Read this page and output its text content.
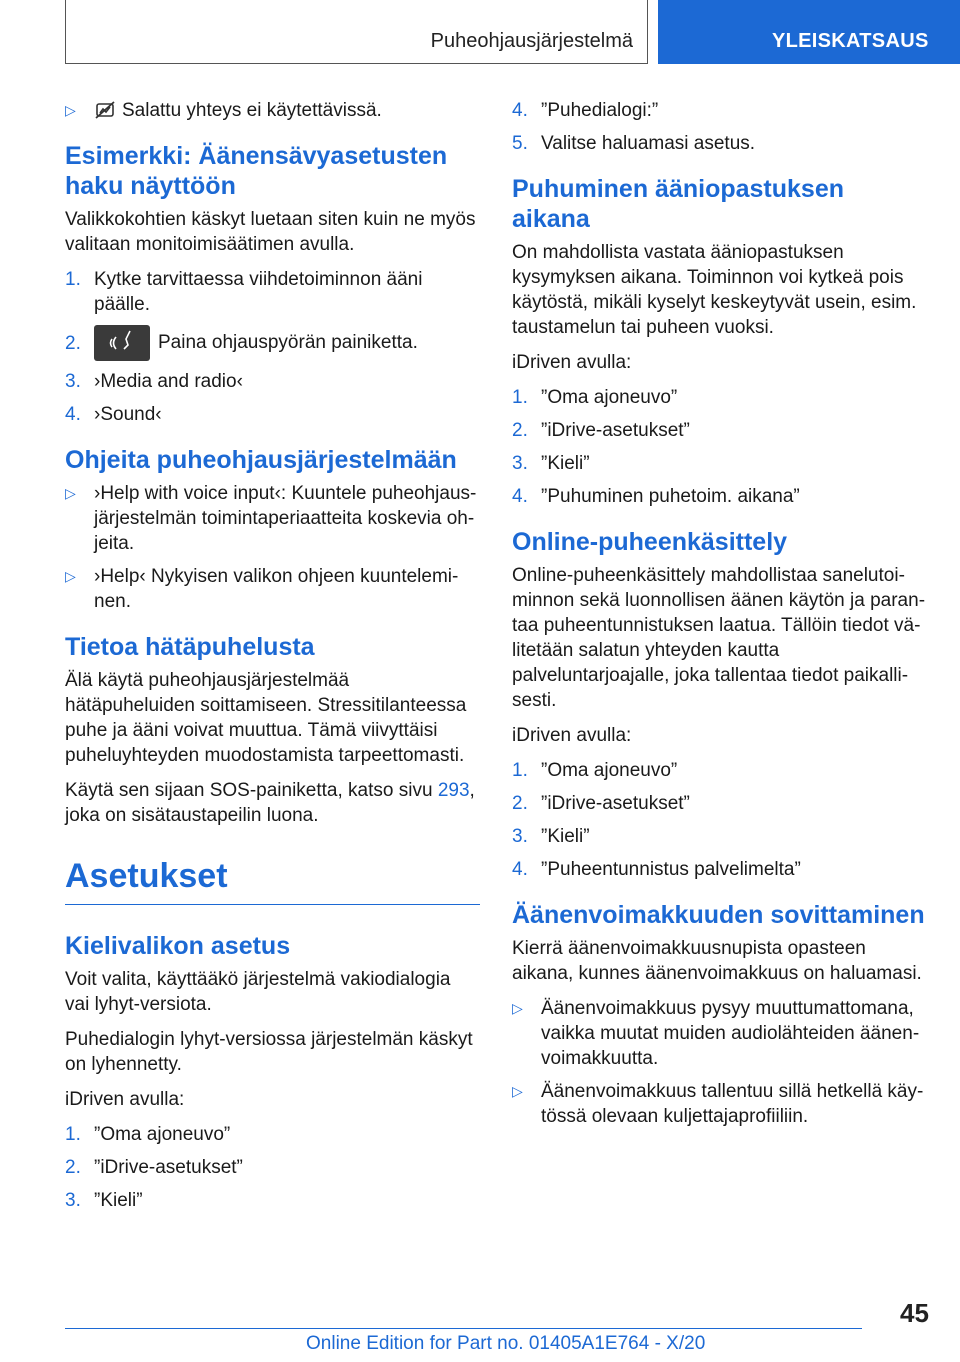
Puheohjausjärjestelmä	YLEISKATSAUS
▷	Salattu yhteys ei käytettävissä.
Esimerkki: Äänensävyasetusten haku näyttöön

Valikkokohtien käskyt luetaan siten kuin ne myös valitaan monitoimisäätimen avulla.

1. Kytke tarvittaessa viihdetoiminnon ääni päälle.
2.	Paina ohjauspyörän painiketta.
3. ›Media and radio‹
4. ›Sound‹
Ohjeita puheohjausjärjestelmään
▷ ›Help with voice input‹: Kuuntele puheohjausjärjestelmän toimintaperiaatteita koskevia ohjeita.
▷ ›Help‹ Nykyisen valikon ohjeen kuunteleminen.
Tietoa hätäpuhelusta

Älä käytä puheohjausjärjestelmää hätäpuheluiden soittamiseen. Stressitilanteessa puhe ja ääni voivat muuttua. Tämä viivyttäisi puheluyhteyden muodostamista tarpeettomasti.

Käytä sen sijaan SOS-painiketta, katso sivu 293, joka on sisätaustapeilin luona.

Asetukset
Kielivalikon asetus

Voit valita, käyttääkö järjestelmä vakiodialogia vai lyhyt-versiota.

Puhedialogin lyhyt-versiossa järjestelmän käskyt on lyhennetty.

iDriven avulla:

1. ”Oma ajoneuvo”
2. ”iDrive-asetukset”
3. ”Kieli”
4. ”Puhedialogi:”
5. Valitse haluamasi asetus.
Puhuminen ääniopastuksen aikana

On mahdollista vastata ääniopastuksen kysymyksen aikana. Toiminnon voi kytkeä pois käytöstä, mikäli kyselyt keskeytyvät usein, esim. taustamelun tai puheen vuoksi.

iDriven avulla:

1. ”Oma ajoneuvo”
2. ”iDrive-asetukset”
3. ”Kieli”
4. ”Puhuminen puhetoim. aikana”
Online-puheenkäsittely

Online-puheenkäsittely mahdollistaa sanelutoiminnon sekä luonnollisen äänen käytön ja parantaa puheentunnistuksen laatua. Tällöin tiedot välitetään salatun yhteyden kautta palveluntarjoajalle, joka tallentaa tiedot paikallisesti.

iDriven avulla:

1. ”Oma ajoneuvo”
2. ”iDrive-asetukset”
3. ”Kieli”
4. ”Puheentunnistus palvelimelta”
Äänenvoimakkuuden sovittaminen

Kierrä äänenvoimakkuusnupista opasteen aikana, kunnes äänenvoimakkuus on haluamasi.

▷ Äänenvoimakkuus pysyy muuttumattomana, vaikka muutat muiden audiolähteiden äänenvoimakkuutta.
▷ Äänenvoimakkuus tallentuu sillä hetkellä käytössä olevaan kuljettajaprofiiliin.
45
Online Edition for Part no. 01405A1E764 - X/20
